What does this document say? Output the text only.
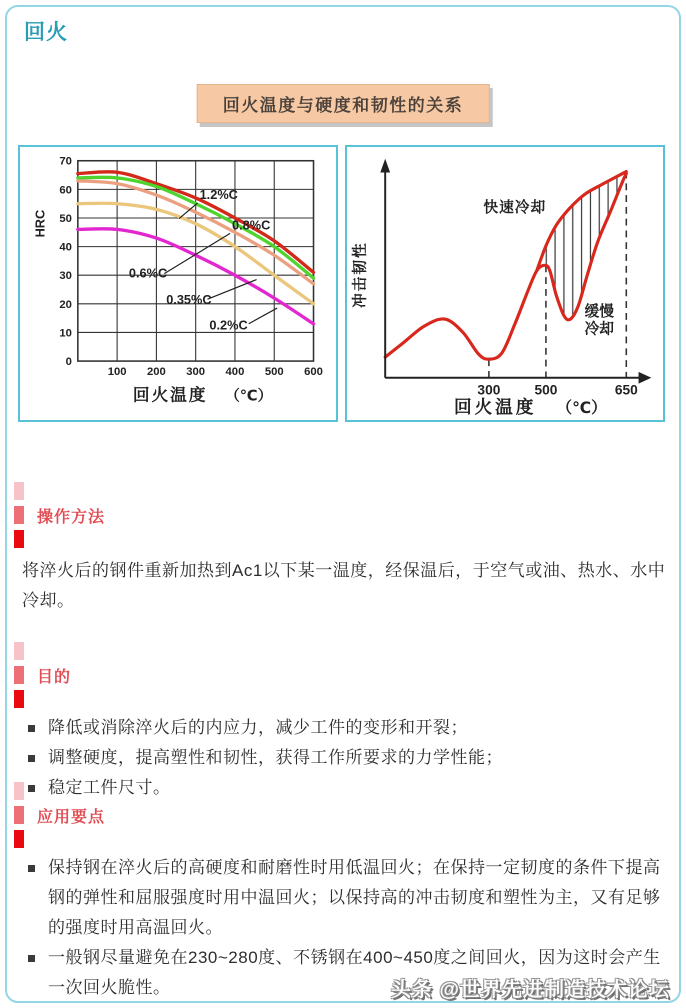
回火
回火温度与硬度和韧性的关系
0
10
20
30
40
50
60
70
100 200 300 400 500 600
1.2%C
0.8%C
0.6%C
0.35%C
0.2%C
HRC
回火温度 （℃）	300 500	650
快速冷却
缓慢冷却
冲击韧性
回火温度 （℃）
操作方法

将淬火后的钢件重新加热到Ac1以下某一温度，经保温后，于空气或油、热水、水中冷却。

目的
降低或消除淬火后的内应力，减少工件的变形和开裂；
调整硬度，提高塑性和韧性，获得工作所要求的力学性能；
稳定工件尺寸。
应用要点
保持钢在淬火后的高硬度和耐磨性时用低温回火；在保持一定韧度的条件下提高钢的弹性和屈服强度时用中温回火；以保持高的冲击韧度和塑性为主，又有足够的强度时用高温回火。
一般钢尽量避免在230~280度、不锈钢在400~450度之间回火，因为这时会产生一次回火脆性。	头条 @世界先进制造技术论坛
